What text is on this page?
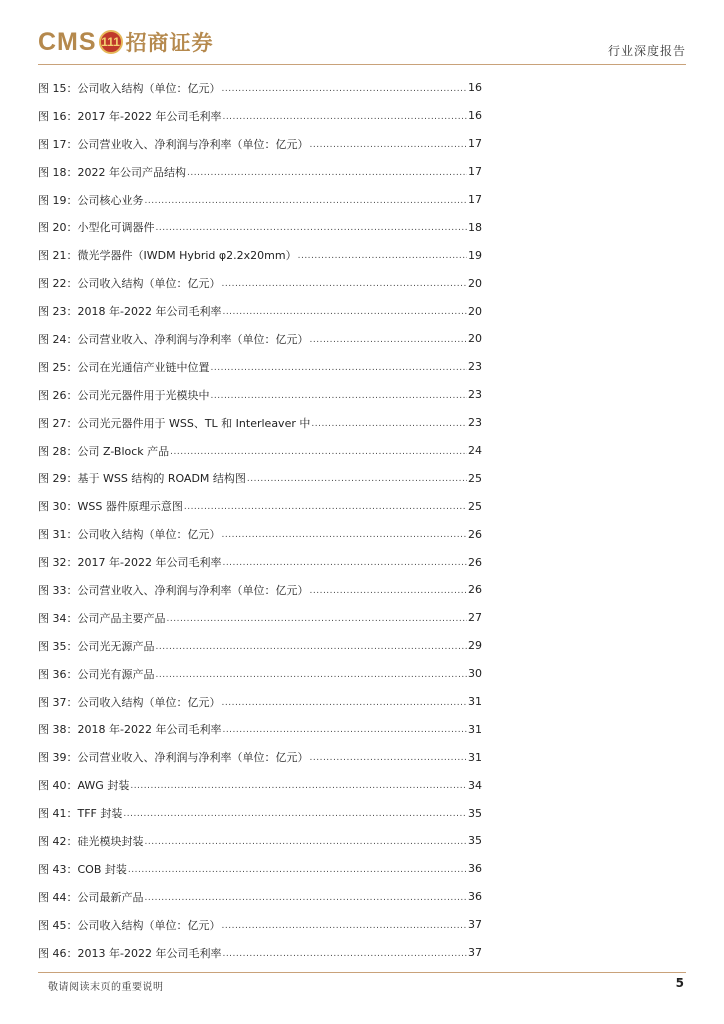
CMS 111 招商证券	行业深度报告
图 15：公司收入结构（单位：亿元） .....	16
图 16：2017 年-2022 年公司毛利率 .....	16
图 17：公司营业收入、净利润与净利率（单位：亿元） .....	17
图 18：2022 年公司产品结构 .....	17
图 19：公司核心业务 .....	17
图 20：小型化可调器件 .....	18
图 21：微光学器件（IWDM Hybrid φ2.2x20mm） .....	19
图 22：公司收入结构（单位：亿元） .....	20
图 23：2018 年-2022 年公司毛利率 .....	20
图 24：公司营业收入、净利润与净利率（单位：亿元） .....	20
图 25：公司在光通信产业链中位置 .....	23
图 26：公司光元器件用于光模块中 .....	23
图 27：公司光元器件用于 WSS、TL 和 Interleaver 中 .....	23
图 28：公司 Z-Block 产品 .....	24
图 29：基于 WSS 结构的 ROADM 结构图 .....	25
图 30：WSS 器件原理示意图 .....	25
图 31：公司收入结构（单位：亿元） .....	26
图 32：2017 年-2022 年公司毛利率 .....	26
图 33：公司营业收入、净利润与净利率（单位：亿元） .....	26
图 34：公司产品主要产品 .....	27
图 35：公司光无源产品 .....	29
图 36：公司光有源产品 .....	30
图 37：公司收入结构（单位：亿元） .....	31
图 38：2018 年-2022 年公司毛利率 .....	31
图 39：公司营业收入、净利润与净利率（单位：亿元） .....	31
图 40：AWG 封装 .....	34
图 41：TFF 封装 .....	35
图 42：硅光模块封装 .....	35
图 43：COB 封装 .....	36
图 44：公司最新产品 .....	36
图 45：公司收入结构（单位：亿元） .....	37
图 46：2013 年-2022 年公司毛利率 .....	37
敬请阅读末页的重要说明	5
